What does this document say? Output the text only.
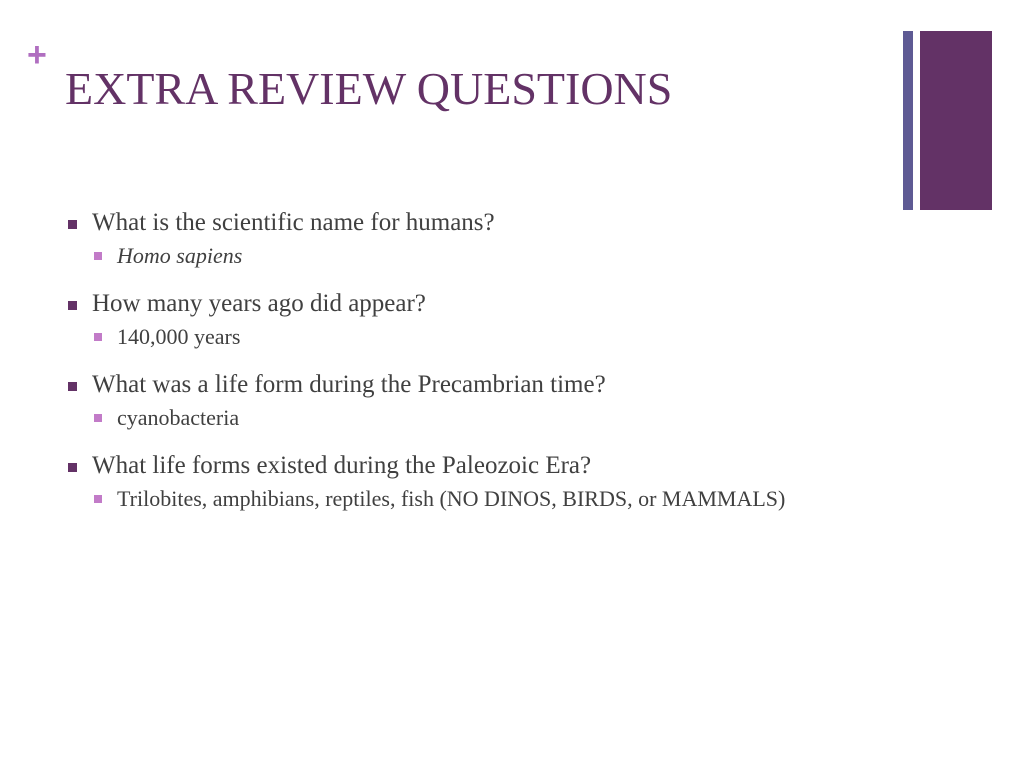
+
EXTRA REVIEW QUESTIONS
What is the scientific name for humans?
Homo sapiens
How many years ago did appear?
140,000 years
What was a life form during the Precambrian time?
cyanobacteria
What life forms existed during the Paleozoic Era?
Trilobites, amphibians, reptiles, fish (NO DINOS, BIRDS, or MAMMALS)
